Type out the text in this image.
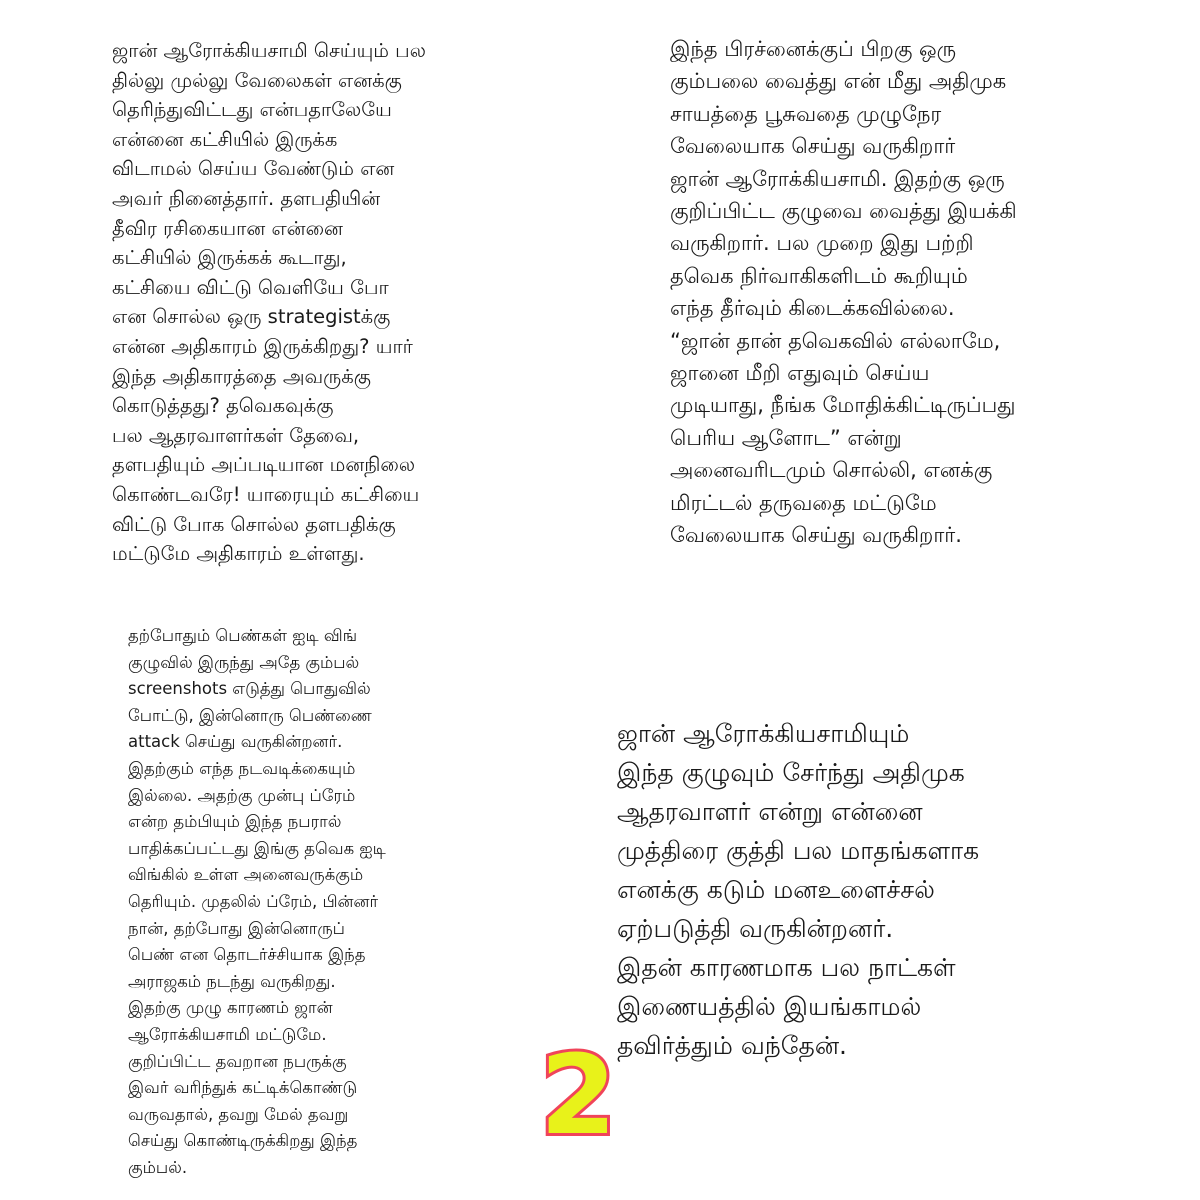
ஜான் ஆரோக்கியசாமி செய்யும் பல
தில்லு முல்லு வேலைகள் எனக்கு
தெரிந்துவிட்டது என்பதாலேயே
என்னை கட்சியில் இருக்க
விடாமல் செய்ய வேண்டும் என
அவர் நினைத்தார். தளபதியின்
தீவிர ரசிகையான என்னை
கட்சியில் இருக்கக் கூடாது,
கட்சியை விட்டு வெளியே போ
என சொல்ல ஒரு strategistக்கு
என்ன அதிகாரம் இருக்கிறது? யார்
இந்த அதிகாரத்தை அவருக்கு
கொடுத்தது? தவெகவுக்கு
பல ஆதரவாளர்கள் தேவை,
தளபதியும் அப்படியான மனநிலை
கொண்டவரே! யாரையும் கட்சியை
விட்டு போக சொல்ல தளபதிக்கு
மட்டுமே அதிகாரம் உள்ளது.
இந்த பிரச்னைக்குப் பிறகு ஒரு
கும்பலை வைத்து என் மீது அதிமுக
சாயத்தை பூசுவதை முழுநேர
வேலையாக செய்து வருகிறார்
ஜான் ஆரோக்கியசாமி. இதற்கு ஒரு
குறிப்பிட்ட குழுவை வைத்து இயக்கி
வருகிறார். பல முறை இது பற்றி
தவெக நிர்வாகிகளிடம் கூறியும்
எந்த தீர்வும் கிடைக்கவில்லை.
“ஜான் தான் தவெகவில் எல்லாமே,
ஜானை மீறி எதுவும் செய்ய
முடியாது, நீங்க மோதிக்கிட்டிருப்பது
பெரிய ஆளோட” என்று
அனைவரிடமும் சொல்லி, எனக்கு
மிரட்டல் தருவதை மட்டுமே
வேலையாக செய்து வருகிறார்.
தற்போதும் பெண்கள் ஐடி விங்
குழுவில் இருந்து அதே கும்பல்
screenshots எடுத்து பொதுவில்
போட்டு, இன்னொரு பெண்ணை
attack செய்து வருகின்றனர்.
இதற்கும் எந்த நடவடிக்கையும்
இல்லை. அதற்கு முன்பு ப்ரேம்
என்ற தம்பியும் இந்த நபரால்
பாதிக்கப்பட்டது இங்கு தவெக ஐடி
விங்கில் உள்ள அனைவருக்கும்
தெரியும். முதலில் ப்ரேம், பின்னர்
நான், தற்போது இன்னொருப்
பெண் என தொடர்ச்சியாக இந்த
அராஜகம் நடந்து வருகிறது.
இதற்கு முழு காரணம் ஜான்
ஆரோக்கியசாமி மட்டுமே.
குறிப்பிட்ட தவறான நபருக்கு
இவர் வரிந்துக் கட்டிக்கொண்டு
வருவதால், தவறு மேல் தவறு
செய்து கொண்டிருக்கிறது இந்த
கும்பல்.
ஜான் ஆரோக்கியசாமியும்
இந்த குழுவும் சேர்ந்து அதிமுக
ஆதரவாளர் என்று என்னை
முத்திரை குத்தி பல மாதங்களாக
எனக்கு கடும் மனஉளைச்சல்
ஏற்படுத்தி வருகின்றனர்.
இதன் காரணமாக பல நாட்கள்
இணையத்தில் இயங்காமல்
தவிர்த்தும் வந்தேன்.
2
